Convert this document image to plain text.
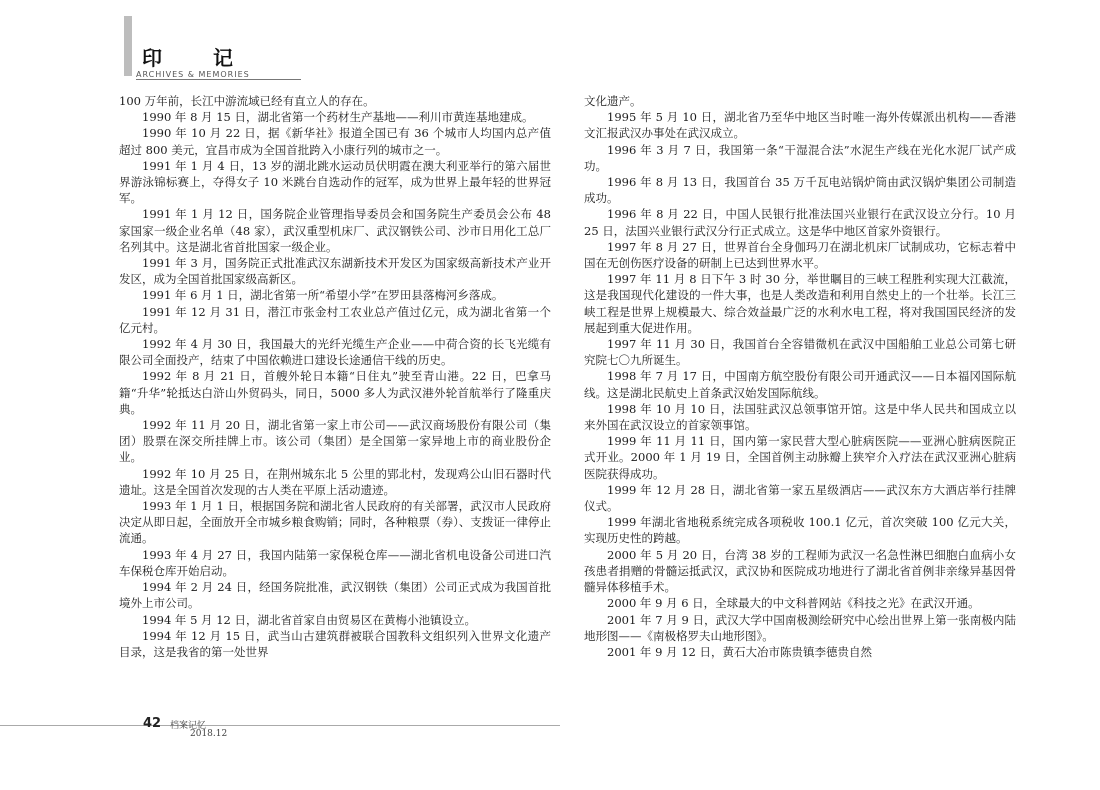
印 记
ARCHIVES & MEMORIES

100 万年前，长江中游流域已经有直立人的存在。

1990 年 8 月 15 日，湖北省第一个药材生产基地——利川市黄连基地建成。

1990 年 10 月 22 日，据《新华社》报道全国已有 36 个城市人均国内总产值超过 800 美元，宜昌市成为全国首批跨入小康行列的城市之一。

1991 年 1 月 4 日，13 岁的湖北跳水运动员伏明霞在澳大利亚举行的第六届世界游泳锦标赛上，夺得女子 10 米跳台自选动作的冠军，成为世界上最年轻的世界冠军。

1991 年 1 月 12 日，国务院企业管理指导委员会和国务院生产委员会公布 48 家国家一级企业名单（48 家），武汉重型机床厂、武汉钢铁公司、沙市日用化工总厂名列其中。这是湖北省首批国家一级企业。

1991 年 3 月，国务院正式批准武汉东湖新技术开发区为国家级高新技术产业开发区，成为全国首批国家级高新区。

1991 年 6 月 1 日，湖北省第一所“希望小学”在罗田县落梅河乡落成。

1991 年 12 月 31 日，潜江市张金村工农业总产值过亿元，成为湖北省第一个亿元村。

1992 年 4 月 30 日，我国最大的光纤光缆生产企业——中荷合资的长飞光缆有限公司全面投产，结束了中国依赖进口建设长途通信干线的历史。

1992 年 8 月 21 日，首艘外轮日本籍“日住丸”驶至青山港。22 日，巴拿马籍“升华”轮抵达白浒山外贸码头，同日，5000 多人为武汉港外轮首航举行了隆重庆典。

1992 年 11 月 20 日，湖北省第一家上市公司——武汉商场股份有限公司（集团）股票在深交所挂牌上市。该公司（集团）是全国第一家异地上市的商业股份企业。

1992 年 10 月 25 日，在荆州城东北 5 公里的郢北村，发现鸡公山旧石器时代遗址。这是全国首次发现的古人类在平原上活动遗迹。

1993 年 1 月 1 日，根据国务院和湖北省人民政府的有关部署，武汉市人民政府决定从即日起，全面放开全市城乡粮食购销；同时，各种粮票（券）、支拨证一律停止流通。

1993 年 4 月 27 日，我国内陆第一家保税仓库——湖北省机电设备公司进口汽车保税仓库开始启动。

1994 年 2 月 24 日，经国务院批准，武汉钢铁（集团）公司正式成为我国首批境外上市公司。

1994 年 5 月 12 日，湖北省首家自由贸易区在黄梅小池镇设立。

1994 年 12 月 15 日，武当山古建筑群被联合国教科文组织列入世界文化遗产目录，这是我省的第一处世界

文化遗产。

1995 年 5 月 10 日，湖北省乃至华中地区当时唯一海外传媒派出机构——香港文汇报武汉办事处在武汉成立。

1996 年 3 月 7 日，我国第一条“干湿混合法”水泥生产线在光化水泥厂试产成功。

1996 年 8 月 13 日，我国首台 35 万千瓦电站锅炉筒由武汉锅炉集团公司制造成功。

1996 年 8 月 22 日，中国人民银行批准法国兴业银行在武汉设立分行。10 月 25 日，法国兴业银行武汉分行正式成立。这是华中地区首家外资银行。

1997 年 8 月 27 日，世界首台全身伽玛刀在湖北机床厂试制成功，它标志着中国在无创伤医疗设备的研制上已达到世界水平。

1997 年 11 月 8 日下午 3 时 30 分，举世瞩目的三峡工程胜利实现大江截流，这是我国现代化建设的一件大事，也是人类改造和利用自然史上的一个壮举。长江三峡工程是世界上规模最大、综合效益最广泛的水利水电工程，将对我国国民经济的发展起到重大促进作用。

1997 年 11 月 30 日，我国首台全容错微机在武汉中国船舶工业总公司第七研究院七〇九所诞生。

1998 年 7 月 17 日，中国南方航空股份有限公司开通武汉——日本福冈国际航线。这是湖北民航史上首条武汉始发国际航线。

1998 年 10 月 10 日，法国驻武汉总领事馆开馆。这是中华人民共和国成立以来外国在武汉设立的首家领事馆。

1999 年 11 月 11 日，国内第一家民营大型心脏病医院——亚洲心脏病医院正式开业。2000 年 1 月 19 日，全国首例主动脉瓣上狭窄介入疗法在武汉亚洲心脏病医院获得成功。

1999 年 12 月 28 日，湖北省第一家五星级酒店——武汉东方大酒店举行挂牌仪式。

1999 年湖北省地税系统完成各项税收 100.1 亿元，首次突破 100 亿元大关，实现历史性的跨越。

2000 年 5 月 20 日，台湾 38 岁的工程师为武汉一名急性淋巴细胞白血病小女孩患者捐赠的骨髓运抵武汉，武汉协和医院成功地进行了湖北省首例非亲缘异基因骨髓异体移植手术。

2000 年 9 月 6 日，全球最大的中文科普网站《科技之光》在武汉开通。

2001 年 7 月 9 日，武汉大学中国南极测绘研究中心绘出世界上第一张南极内陆地形图——《南极格罗夫山地形图》。

2001 年 9 月 12 日，黄石大冶市陈贵镇李德贵自然

42 档案记忆
2018.12
